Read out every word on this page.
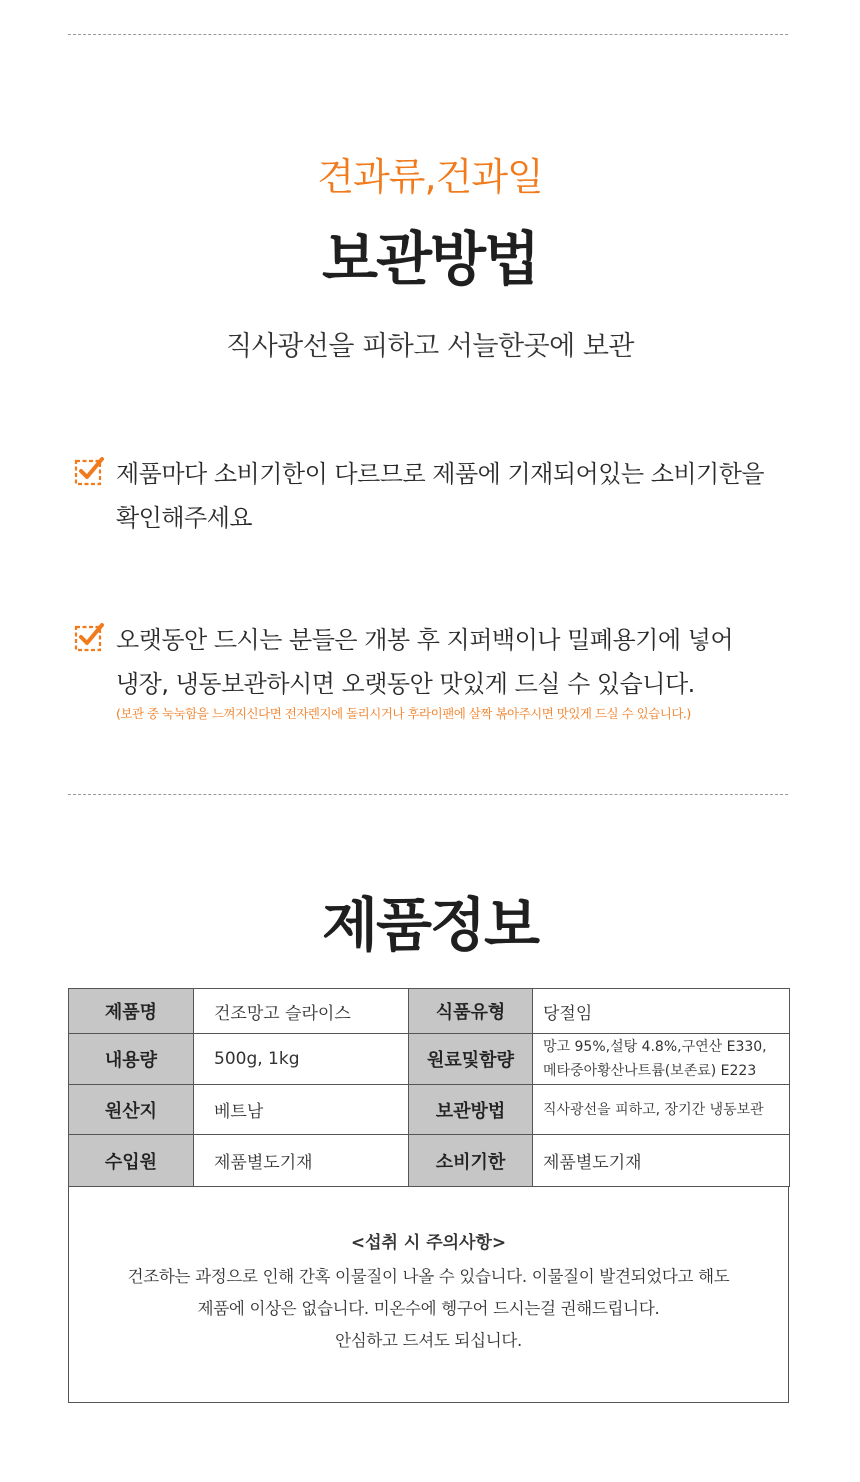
견과류,건과일
보관방법
직사광선을 피하고 서늘한곳에 보관
제품마다 소비기한이 다르므로 제품에 기재되어있는 소비기한을
확인해주세요
오랫동안 드시는 분들은 개봉 후 지퍼백이나 밀폐용기에 넣어
냉장, 냉동보관하시면 오랫동안 맛있게 드실 수 있습니다.
(보관 중 눅눅함을 느껴지신다면 전자렌지에 돌리시거나 후라이팬에 살짝 볶아주시면 맛있게 드실 수 있습니다.)
제품정보
제품명	건조망고 슬라이스	식품유형	당절임
내용량	500g, 1kg	원료및함량	망고 95%,설탕 4.8%,구연산 E330,
메타중아황산나트륨(보존료) E223

원산지	베트남	보관방법	직사광선을 피하고, 장기간 냉동보관
수입원	제품별도기재	소비기한	제품별도기재
<섭취 시 주의사항>

건조하는 과정으로 인해 간혹 이물질이 나올 수 있습니다. 이물질이 발견되었다고 해도

제품에 이상은 없습니다. 미온수에 헹구어 드시는걸 권해드립니다.

안심하고 드셔도 되십니다.
